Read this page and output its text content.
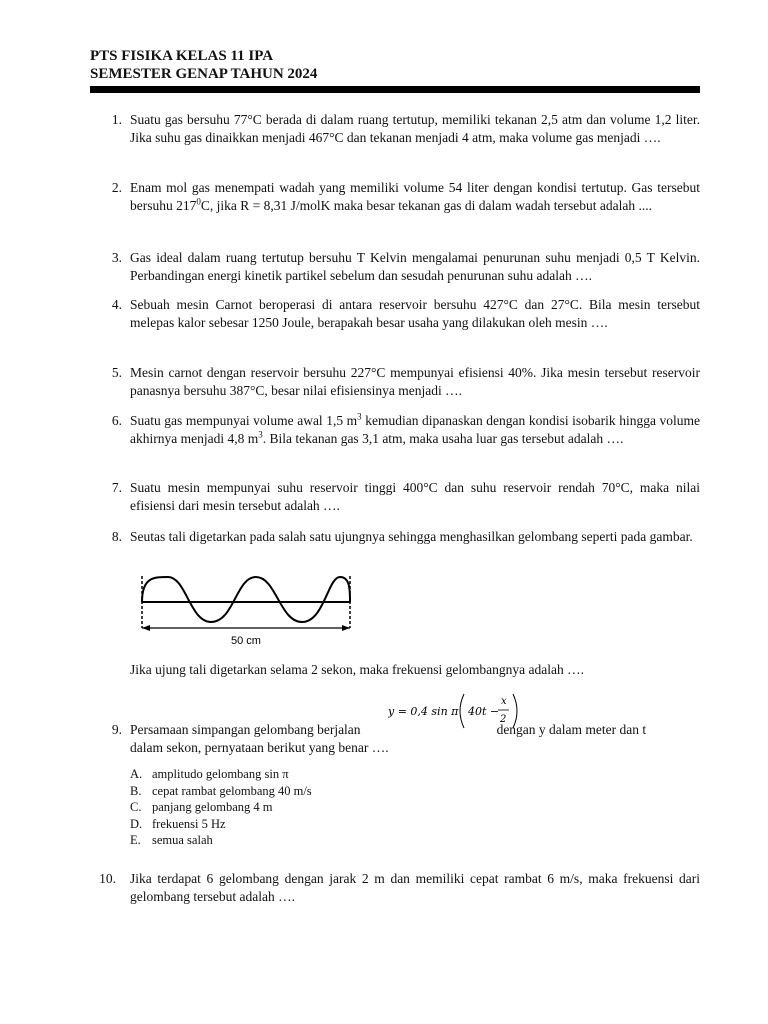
PTS FISIKA KELAS 11 IPA
SEMESTER GENAP TAHUN 2024
1. Suatu gas bersuhu 77°C berada di dalam ruang tertutup, memiliki tekanan 2,5 atm dan volume 1,2 liter. Jika suhu gas dinaikkan menjadi 467°C dan tekanan menjadi 4 atm, maka volume gas menjadi ….
2. Enam mol gas menempati wadah yang memiliki volume 54 liter dengan kondisi tertutup. Gas tersebut bersuhu $217^0C$, jika R = 8,31 J/molK maka besar tekanan gas di dalam wadah tersebut adalah ....
3. Gas ideal dalam ruang tertutup bersuhu T Kelvin mengalamai penurunan suhu menjadi 0,5 T Kelvin. Perbandingan energi kinetik partikel sebelum dan sesudah penurunan suhu adalah ….
4. Sebuah mesin Carnot beroperasi di antara reservoir bersuhu 427°C dan 27°C. Bila mesin tersebut melepas kalor sebesar 1250 Joule, berapakah besar usaha yang dilakukan oleh mesin ….
5. Mesin carnot dengan reservoir bersuhu 227°C mempunyai efisiensi 40%. Jika mesin tersebut reservoir panasnya bersuhu 387°C, besar nilai efisiensinya menjadi ….
6. Suatu gas mempunyai volume awal 1,5 $m^3$ kemudian dipanaskan dengan kondisi isobarik hingga volume akhirnya menjadi 4,8 $m^3$. Bila tekanan gas 3,1 atm, maka usaha luar gas tersebut adalah ….
7. Suatu mesin mempunyai suhu reservoir tinggi 400°C dan suhu reservoir rendah 70°C, maka nilai efisiensi dari mesin tersebut adalah ….
8. Seutas tali digetarkan pada salah satu ujungnya sehingga menghasilkan gelombang seperti pada gambar.
50 cm
Jika ujung tali digetarkan selama 2 sekon, maka frekuensi gelombangnya adalah ….
y = 0,4 sin π 40t −
x
2
9. Persamaan simpangan gelombang berjalan	dengan y dalam meter dan t
dalam sekon, pernyataan berikut yang benar ….
A. amplitudo gelombang sin π
B. cepat rambat gelombang 40 m/s
C. panjang gelombang 4 m
D. frekuensi 5 Hz
E. semua salah
10. Jika terdapat 6 gelombang dengan jarak 2 m dan memiliki cepat rambat 6 m/s, maka frekuensi dari gelombang tersebut adalah ….
